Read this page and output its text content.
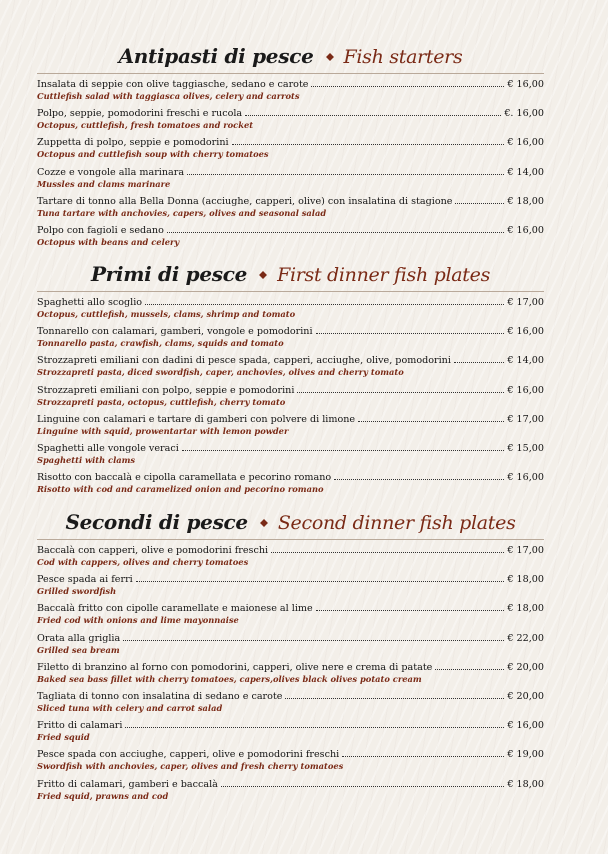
Antipasti di pesce Fish starters
Insalata di seppie con olive taggiasche, sedano e carote	€ 16,00
Cuttlefish salad with taggiasca olives, celery and carrots
Polpo, seppie, pomodorini freschi e rucola	€. 16,00
Octopus, cuttlefish, fresh tomatoes and rocket
Zuppetta di polpo, seppie e pomodorini	€ 16,00
Octopus and cuttlefish soup with cherry tomatoes
Cozze e vongole alla marinara	€ 14,00
Mussles and clams marinare
Tartare di tonno alla Bella Donna (acciughe, capperi, olive) con insalatina di stagione	€ 18,00
Tuna tartare with anchovies, capers, olives and seasonal salad
Polpo con fagioli e sedano	€ 16,00
Octopus with beans and celery
Primi di pesce First dinner fish plates
Spaghetti allo scoglio	€ 17,00
Octopus, cuttlefish, mussels, clams, shrimp and tomato
Tonnarello con calamari, gamberi, vongole e pomodorini	€ 16,00
Tonnarello pasta, crawfish, clams, squids and tomato
Strozzapreti emiliani con dadini di pesce spada, capperi, acciughe, olive, pomodorini	€ 14,00
Strozzapreti pasta, diced swordfish, caper, anchovies, olives and cherry tomato
Strozzapreti emiliani con polpo, seppie e pomodorini	€ 16,00
Strozzapreti pasta, octopus, cuttlefish, cherry tomato
Linguine con calamari e tartare di gamberi con polvere di limone	€ 17,00
Linguine with squid, prowentartar with lemon powder
Spaghetti alle vongole veraci	€ 15,00
Spaghetti with clams
Risotto con baccalà e cipolla caramellata e pecorino romano	€ 16,00
Risotto with cod and caramelized onion and pecorino romano
Secondi di pesce Second dinner fish plates
Baccalà con capperi, olive e pomodorini freschi	€ 17,00
Cod with cappers, olives and cherry tomatoes
Pesce spada ai ferri	€ 18,00
Grilled swordfish
Baccalà fritto con cipolle caramellate e maionese al lime	€ 18,00
Fried cod with onions and lime mayonnaise
Orata alla griglia	€ 22,00
Grilled sea bream
Filetto di branzino al forno con pomodorini, capperi, olive nere e crema di patate	€ 20,00
Baked sea bass fillet with cherry tomatoes, capers,olives black olives potato cream
Tagliata di tonno con insalatina di sedano e carote	€ 20,00
Sliced tuna with celery and carrot salad
Fritto di calamari	€ 16,00
Fried squid
Pesce spada con acciughe, capperi, olive e pomodorini freschi	€ 19,00
Swordfish with anchovies, caper, olives and fresh cherry tomatoes
Fritto di calamari, gamberi e baccalà	€ 18,00
Fried squid, prawns and cod
